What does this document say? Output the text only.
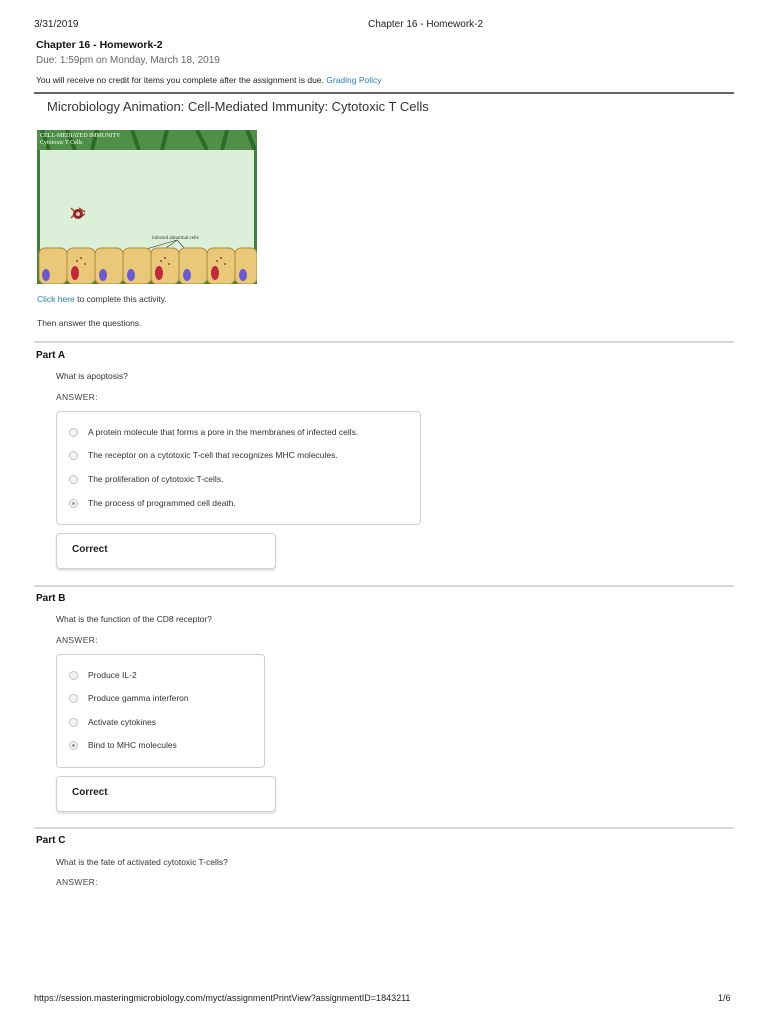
3/31/2019	Chapter 16 - Homework-2
Chapter 16 - Homework-2
Due: 1:59pm on Monday, March 18, 2019
You will receive no credit for items you complete after the assignment is due. Grading Policy
Microbiology Animation: Cell-Mediated Immunity: Cytotoxic T Cells
CELL-MEDIATED IMMUNITY
Cytotoxic T Cells
infected abnormal cells
Click here to complete this activity.
Then answer the questions.
Part A
What is apoptosis?
ANSWER:
A protein molecule that forms a pore in the membranes of infected cells.
The receptor on a cytotoxic T-cell that recognizes MHC molecules.
The proliferation of cytotoxic T-cells.
The process of programmed cell death.
Correct
Part B
What is the function of the CD8 receptor?
ANSWER:
Produce IL-2
Produce gamma interferon
Activate cytokines
Bind to MHC molecules
Correct
Part C
What is the fate of activated cytotoxic T-cells?
ANSWER:
https://session.masteringmicrobiology.com/myct/assignmentPrintView?assignmentID=1843211	1/6
